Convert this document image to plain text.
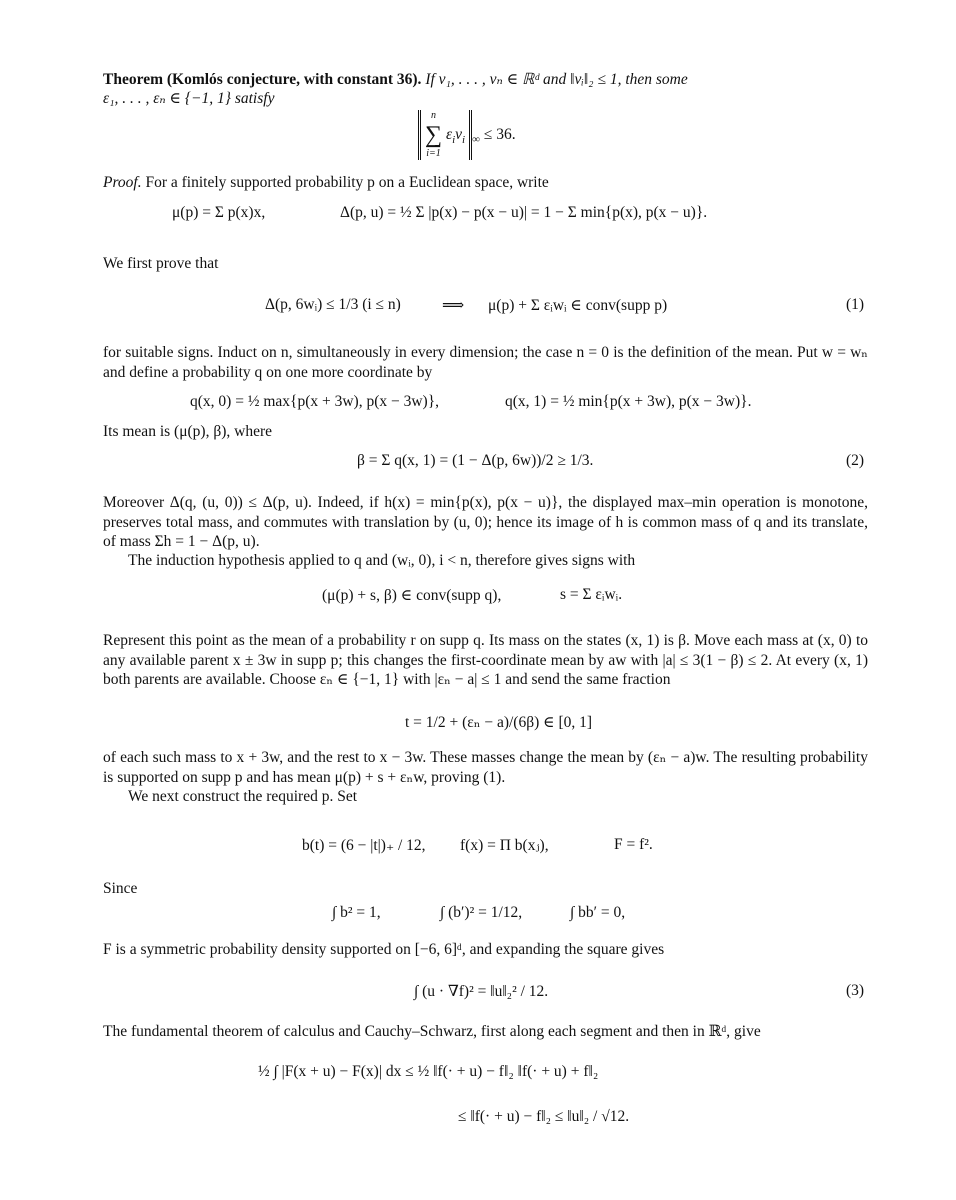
Theorem (Komlós conjecture, with constant 36). If v₁, . . . , vₙ ∈ ℝᵈ and ‖vᵢ‖₂ ≤ 1, then some
ε₁, . . . , εₙ ∈ {−1, 1} satisfy
n
∑
i=1
$\varepsilon_iv_i$ $_\infty$ ≤ 36.
Proof. For a finitely supported probability p on a Euclidean space, write
μ(p) = Σ p(x)x,	Δ(p, u) = ½ Σ |p(x) − p(x − u)| = 1 − Σ min{p(x), p(x − u)}.
We first prove that
Δ(p, 6wᵢ) ≤ 1/3 (i ≤ n)	⟹ μ(p) + Σ εᵢwᵢ ∈ conv(supp p)	(1)
for suitable signs. Induct on n, simultaneously in every dimension; the case n = 0 is the definition of the mean. Put w = wₙ and define a probability q on one more coordinate by
q(x, 0) = ½ max{p(x + 3w), p(x − 3w)},	q(x, 1) = ½ min{p(x + 3w), p(x − 3w)}.
Its mean is (μ(p), β), where
β = Σ q(x, 1) = (1 − Δ(p, 6w))/2 ≥ 1/3.	(2)
Moreover Δ(q, (u, 0)) ≤ Δ(p, u). Indeed, if h(x) = min{p(x), p(x − u)}, the displayed max–min operation is monotone, preserves total mass, and commutes with translation by (u, 0); hence its image of h is common mass of q and its translate, of mass Σh = 1 − Δ(p, u).
The induction hypothesis applied to q and (wᵢ, 0), i < n, therefore gives signs with
(μ(p) + s, β) ∈ conv(supp q),	s = Σ εᵢwᵢ.
Represent this point as the mean of a probability r on supp q. Its mass on the states (x, 1) is β. Move each mass at (x, 0) to any available parent x ± 3w in supp p; this changes the first-coordinate mean by aw with |a| ≤ 3(1 − β) ≤ 2. At every (x, 1) both parents are available. Choose εₙ ∈ {−1, 1} with |εₙ − a| ≤ 1 and send the same fraction
t = 1/2 + (εₙ − a)/(6β) ∈ [0, 1]
of each such mass to x + 3w, and the rest to x − 3w. These masses change the mean by (εₙ − a)w. The resulting probability is supported on supp p and has mean μ(p) + s + εₙw, proving (1).
We next construct the required p. Set
b(t) = (6 − |t|)₊ / 12, f(x) = Π b(xⱼ),	F = f².
Since
∫ b² = 1,	∫ (b′)² = 1/12,	∫ bb′ = 0,
F is a symmetric probability density supported on [−6, 6]ᵈ, and expanding the square gives
∫ (u · ∇f)² = ‖u‖₂² / 12.	(3)
The fundamental theorem of calculus and Cauchy–Schwarz, first along each segment and then in ℝᵈ, give
½ ∫ |F(x + u) − F(x)| dx ≤ ½ ‖f(· + u) − f‖₂ ‖f(· + u) + f‖₂
≤ ‖f(· + u) − f‖₂ ≤ ‖u‖₂ / √12.
